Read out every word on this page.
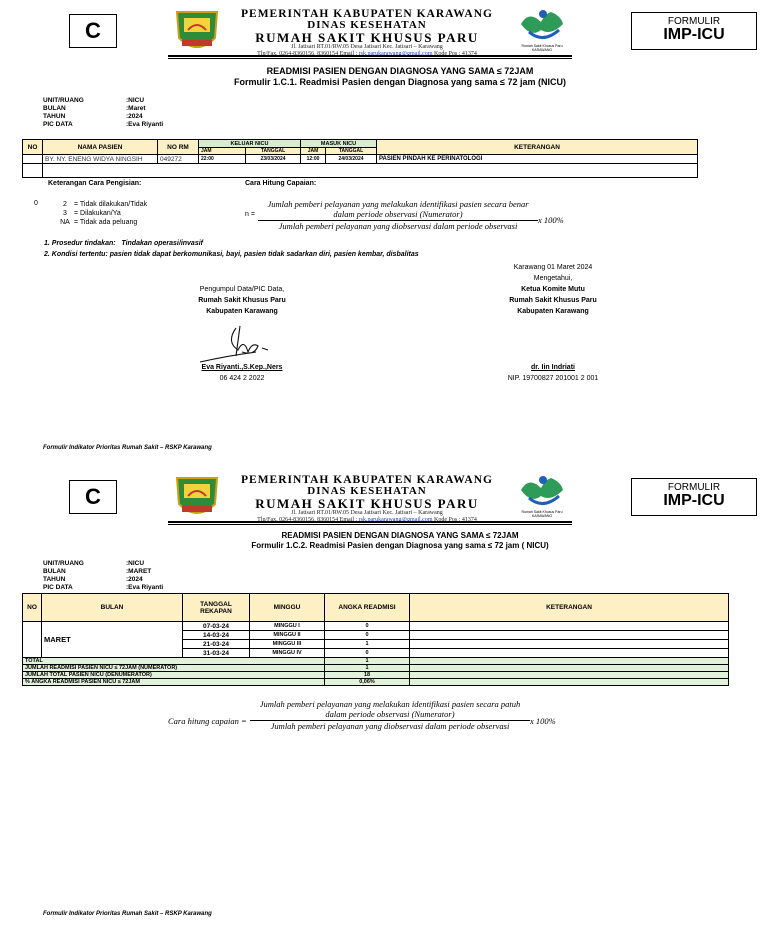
C
PEMERINTAH KABUPATEN KARAWANG
DINAS KESEHATAN
RUMAH SAKIT KHUSUS PARU
Jl. Jatisari RT.01/RW.05 Desa Jatisari Kec. Jatisari – Karawang
Tlp/Fax. 0264-8360156, 8360154 Email : rsk.parukarawang@gmail.com Kode Pos : 41374
Rumah Sakit Khusus Paru KARAWANG
FORMULIR
IMP-ICU
READMISI PASIEN DENGAN DIAGNOSA YANG SAMA ≤ 72JAM
Formulir 1.C.1. Readmisi Pasien dengan Diagnosa yang sama ≤ 72 jam (NICU)
UNIT/RUANG	:NICU
BULAN	:Maret
TAHUN	:2024
PIC DATA	:Eva Riyanti
NO	NAMA PASIEN	NO RM	KELUAR NICU		MASUK NICU		KETERANGAN
			JAM	TANGGAL	JAM	TANGGAL	
	BY. NY. ENENG WIDYA NINGSIH	049272	22:00	23/03/2024	12:00	24/03/2024	PASIEN PINDAH KE PERINATOLOGI

Keterangan Cara Pengisian:	Cara Hitung Capaian:
0	2 = Tidak dilakukan/Tidak
3 = Dilakukan/Ya
NA = Tidak ada peluang
n =
Jumlah pemberi pelayanan yang melakukan identifikasi pasien secara benar
dalam periode observasi (Numerator)
Jumlah pemberi pelayanan yang diobservasi dalam periode observasi
x 100%
1. Prosedur tindakan: Tindakan operasi/invasif
2. Kondisi tertentu: pasien tidak dapat berkomunikasi, bayi, pasien tidak sadarkan diri, pasien kembar, disbalitas
Karawang 01 Maret 2024
Mengetahui,
Ketua Komite Mutu
Rumah Sakit Khusus Paru
Kabupaten Karawang
dr. Iin Indriati
NIP. 19700827 201001 2 001
Pengumpul Data/PIC Data,
Rumah Sakit Khusus Paru
Kabupaten Karawang
Eva Riyanti.,S.Kep.,Ners
06 424 2 2022
Formulir Indikator Prioritas Rumah Sakit – RSKP Karawang
C
PEMERINTAH KABUPATEN KARAWANG
DINAS KESEHATAN
RUMAH SAKIT KHUSUS PARU
Jl. Jatisari RT.01/RW.05 Desa Jatisari Kec. Jatisari – Karawang
Tlp/Fax. 0264-8360156, 8360154 Email : rsk.parukarawang@gmail.com Kode Pos : 41374
Rumah Sakit Khusus Paru KARAWANG
FORMULIR
IMP-ICU
READMISI PASIEN DENGAN DIAGNOSA YANG SAMA ≤ 72JAM
Formulir 1.C.2. Readmisi Pasien dengan Diagnosa yang sama ≤ 72 jam ( NICU)
UNIT/RUANG	:NICU
BULAN	:MARET
TAHUN	:2024
PIC DATA	:Eva Riyanti
NO	BULAN	TANGGAL REKAPAN	MINGGU	ANGKA READMISI	KETERANGAN
	MARET	07-03-24	MINGGU I	0	
		14-03-24	MINGGU II	0	
		21-03-24	MINGGU III	1	
		31-03-24	MINGGU IV	0	
TOTAL				1	
JUMLAH READMISI PASIEN NICU ≤ 72JAM (NUMERATOR)				1	
JUMLAH TOTAL PASIEN NICU (DENUMERATOR)				18	
% ANGKA READMISI PASIEN NICU ≤ 72JAM				0,06%	
Cara hitung capaian =
Jumlah pemberi pelayanan yang melakukan identifikasi pasien secara patuh
dalam periode observasi (Numerator)
Jumlah pemberi pelayanan yang diobservasi dalam periode observasi	x 100%
Formulir Indikator Prioritas Rumah Sakit – RSKP Karawang
